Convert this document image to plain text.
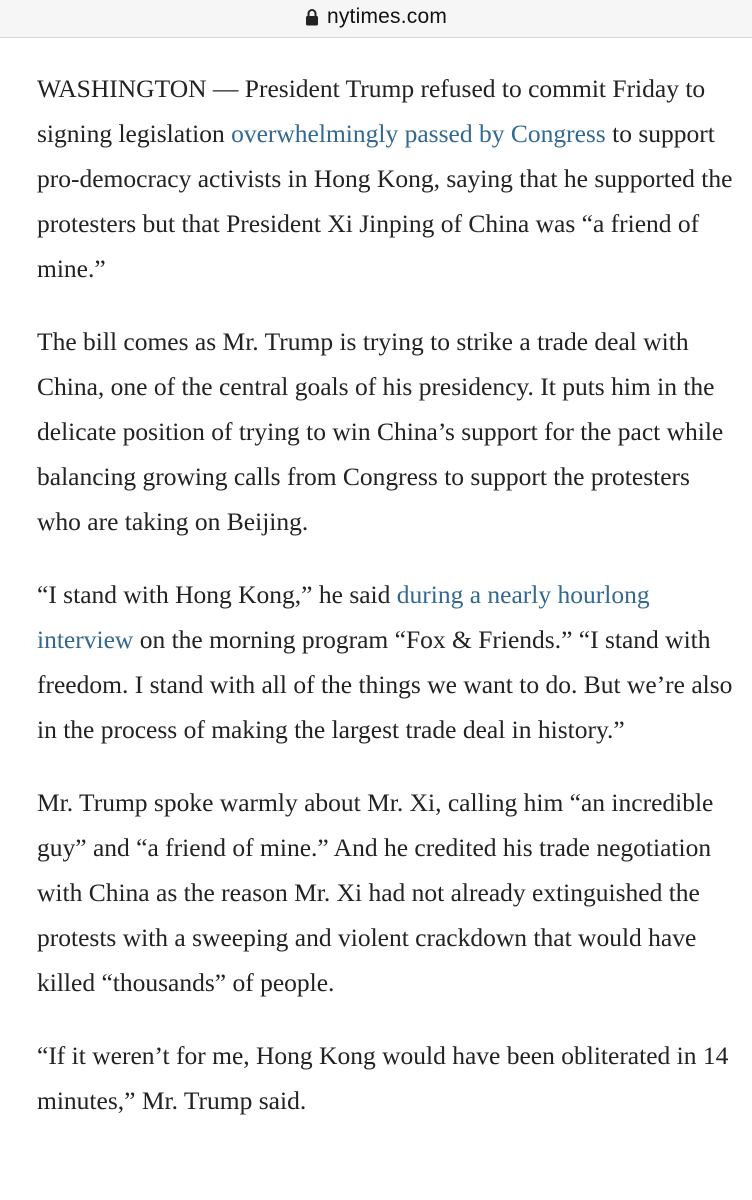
nytimes.com

WASHINGTON — President Trump refused to commit Friday to signing legislation overwhelmingly passed by Congress to support pro-democracy activists in Hong Kong, saying that he supported the protesters but that President Xi Jinping of China was “a friend of mine.”

The bill comes as Mr. Trump is trying to strike a trade deal with China, one of the central goals of his presidency. It puts him in the delicate position of trying to win China’s support for the pact while balancing growing calls from Congress to support the protesters who are taking on Beijing.

“I stand with Hong Kong,” he said during a nearly hourlong interview on the morning program “Fox & Friends.” “I stand with freedom. I stand with all of the things we want to do. But we’re also in the process of making the largest trade deal in history.”

Mr. Trump spoke warmly about Mr. Xi, calling him “an incredible guy” and “a friend of mine.” And he credited his trade negotiation with China as the reason Mr. Xi had not already extinguished the protests with a sweeping and violent crackdown that would have killed “thousands” of people.

“If it weren’t for me, Hong Kong would have been obliterated in 14 minutes,” Mr. Trump said.
